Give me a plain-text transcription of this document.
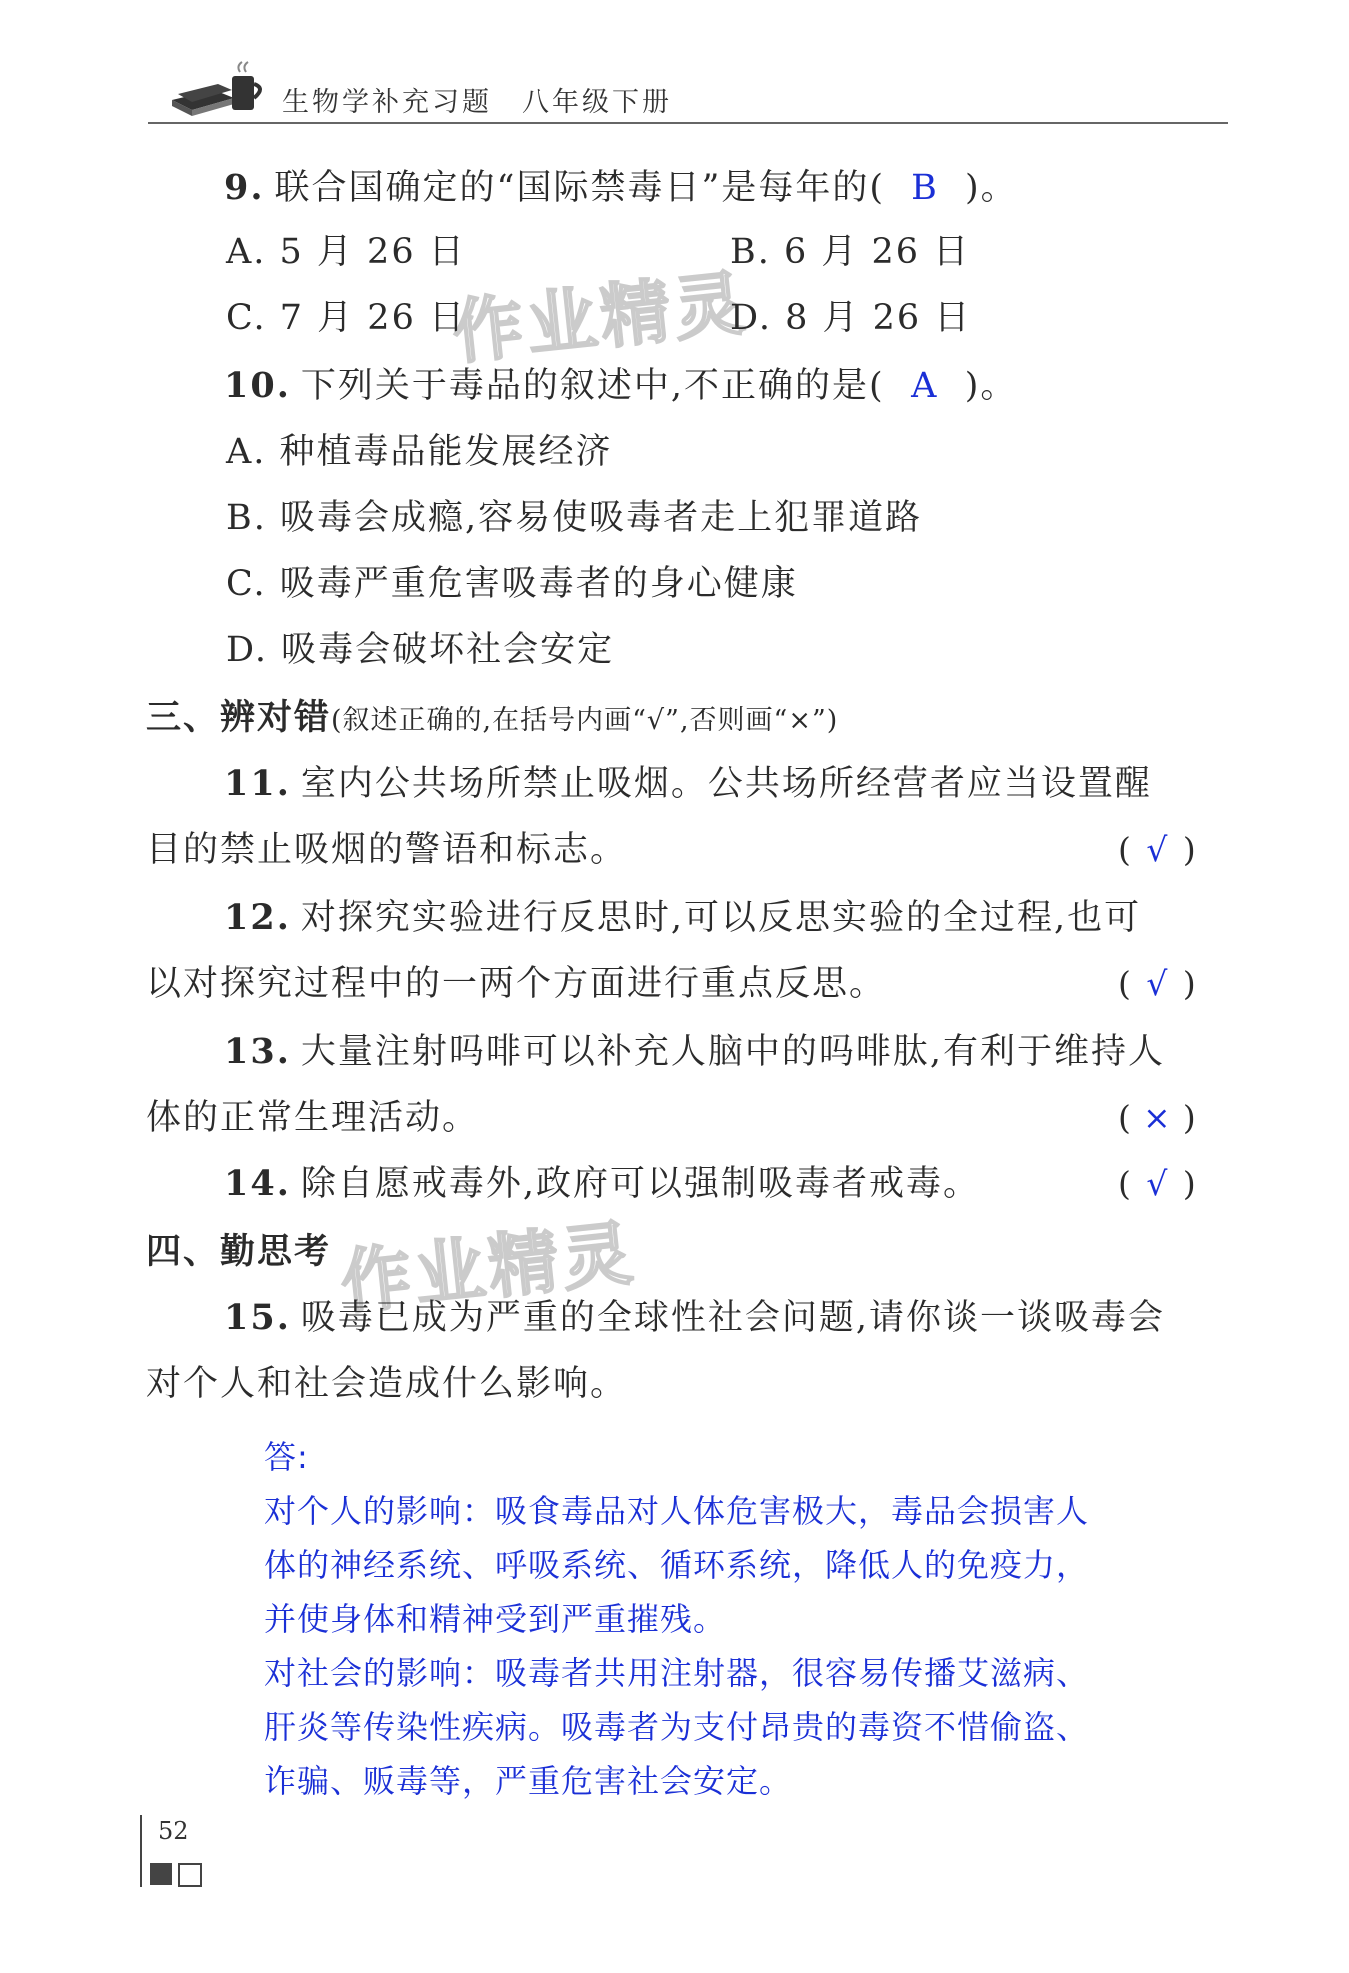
生物学补充习题　八年级下册
作业精灵
作业精灵
9. 联合国确定的“国际禁毒日”是每年的( B )。
A. 5 月 26 日	B. 6 月 26 日
C. 7 月 26 日	D. 8 月 26 日
10. 下列关于毒品的叙述中,不正确的是( A )。
A. 种植毒品能发展经济
B. 吸毒会成瘾,容易使吸毒者走上犯罪道路
C. 吸毒严重危害吸毒者的身心健康
D. 吸毒会破坏社会安定
三、辨对错(叙述正确的,在括号内画“√”,否则画“×”)
11. 室内公共场所禁止吸烟。公共场所经营者应当设置醒
目的禁止吸烟的警语和标志。	( √ )
12. 对探究实验进行反思时,可以反思实验的全过程,也可
以对探究过程中的一两个方面进行重点反思。	( √ )
13. 大量注射吗啡可以补充人脑中的吗啡肽,有利于维持人
体的正常生理活动。	( × )
14. 除自愿戒毒外,政府可以强制吸毒者戒毒。	( √ )
四、勤思考
15. 吸毒已成为严重的全球性社会问题,请你谈一谈吸毒会
对个人和社会造成什么影响。
答:
对个人的影响：吸食毒品对人体危害极大，毒品会损害人
体的神经系统、呼吸系统、循环系统，降低人的免疫力，
并使身体和精神受到严重摧残。
对社会的影响：吸毒者共用注射器，很容易传播艾滋病、
肝炎等传染性疾病。吸毒者为支付昂贵的毒资不惜偷盗、
诈骗、贩毒等，严重危害社会安定。
52
